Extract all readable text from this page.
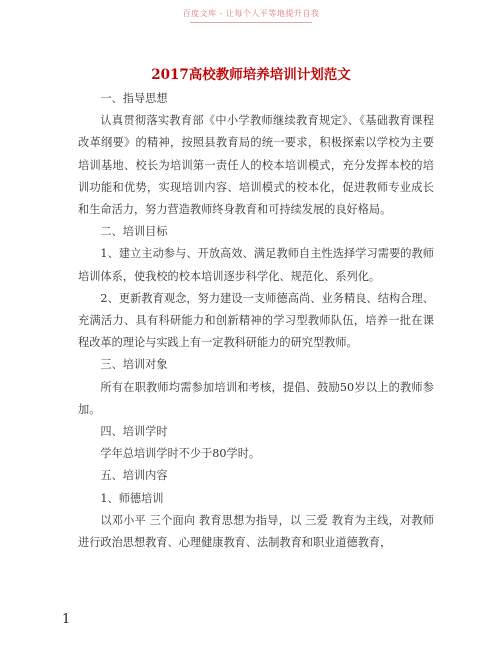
百度文库 - 让每个人平等地提升自我
2017高校教师培养培训计划范文

一、指导思想

认真贯彻落实教育部《中小学教师继续教育规定》、《基础教育课程改革纲要》的精神，按照县教育局的统一要求，积极探索以学校为主要培训基地、校长为培训第一责任人的校本培训模式，充分发挥本校的培训功能和优势，实现培训内容、培训模式的校本化，促进教师专业成长和生命活力，努力营造教师终身教育和可持续发展的良好格局。

二、培训目标

1、建立主动参与、开放高效、满足教师自主性选择学习需要的教师培训体系，使我校的校本培训逐步科学化、规范化、系列化。

2、更新教育观念，努力建设一支师德高尚、业务精良、结构合理、充满活力、具有科研能力和创新精神的学习型教师队伍，培养一批在课程改革的理论与实践上有一定教科研能力的研究型教师。

三、培训对象

所有在职教师均需参加培训和考核，提倡、鼓励50岁以上的教师参加。

四、培训学时

学年总培训学时不少于80学时。

五、培训内容

1、师德培训

以邓小平 三个面向 教育思想为指导，以 三爱 教育为主线，对教师进行政治思想教育、心理健康教育、法制教育和职业道德教育，

1
